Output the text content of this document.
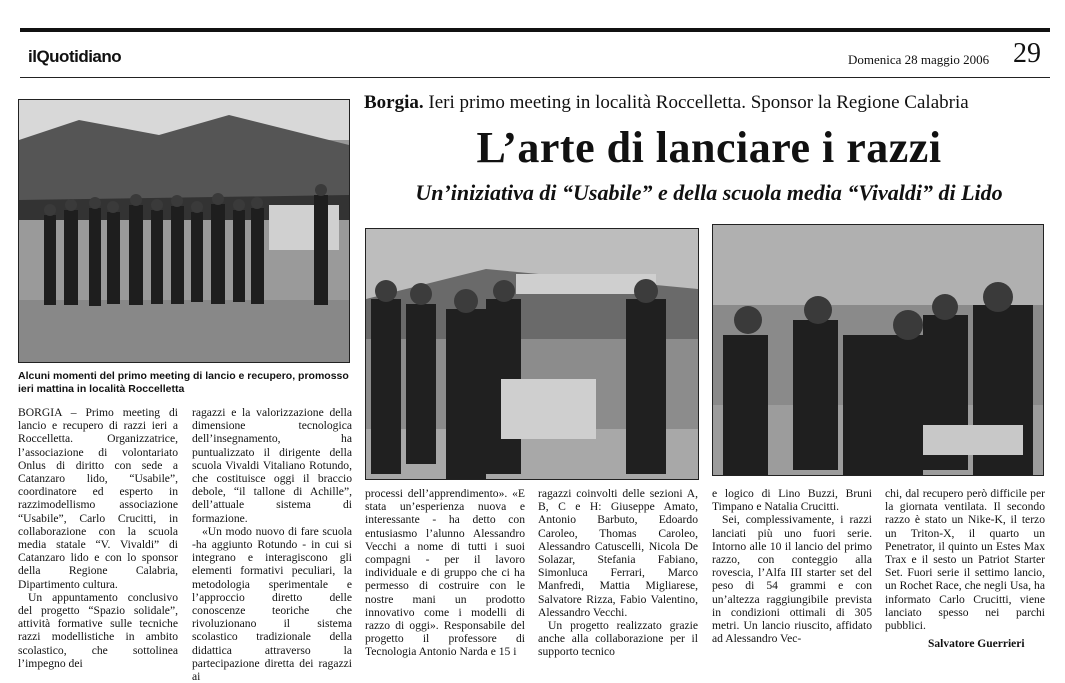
ilQuotidiano	Domenica 28 maggio 2006 29
Borgia. Ieri primo meeting in località Roccelletta. Sponsor la Regione Calabria
L’arte di lanciare i razzi
Un’iniziativa di “Usabile” e della scuola media “Vivaldi” di Lido
Alcuni momenti del primo meeting di lancio e recupero, promosso ieri mattina in località Roccelletta

BORGIA – Primo meeting di lancio e recupero di razzi ieri a Roccelletta. Organizzatrice, l’associazione di volontariato Onlus di diritto con sede a Catanzaro lido, “Usabile”, coordinatore ed esperto in razzimodellismo associazione “Usabile”, Carlo Crucitti, in collaborazione con la scuola media statale “V. Vivaldi” di Catanzaro lido e con lo sponsor della Regione Calabria, Dipartimento cultura.

Un appuntamento conclusivo del progetto “Spazio solidale”, attività formative sulle tecniche razzi modellistiche in ambito scolastico, che sottolinea l’impegno dei

ragazzi e la valorizzazione della dimensione tecnologica dell’insegnamento, ha puntualizzato il dirigente della scuola Vivaldi Vitaliano Rotundo, che costituisce oggi il braccio debole, “il tallone di Achille”, dell’attuale sistema di formazione.

«Un modo nuovo di fare scuola -ha aggiunto Rotundo - in cui si integrano e interagiscono gli elementi formativi peculiari, la metodologia sperimentale e l’approccio diretto delle conoscenze teoriche che rivoluzionano il sistema scolastico tradizionale della didattica attraverso la partecipazione diretta dei ragazzi ai

processi dell’apprendimento». «E stata un’esperienza nuova e interessante - ha detto con entusiasmo l’alunno Alessandro Vecchi a nome di tutti i suoi compagni - per il lavoro individuale e di gruppo che ci ha permesso di costruire con le nostre mani un prodotto innovativo come i modelli di razzo di oggi». Responsabile del progetto il professore di Tecnologia Antonio Narda e 15 i

ragazzi coinvolti delle sezioni A, B, C e H: Giuseppe Amato, Antonio Barbuto, Edoardo Caroleo, Thomas Caroleo, Alessandro Catuscelli, Nicola De Solazar, Stefania Fabiano, Simonluca Ferrari, Marco Manfredi, Mattia Migliarese, Salvatore Rizza, Fabio Valentino, Alessandro Vecchi.

Un progetto realizzato grazie anche alla collaborazione per il supporto tecnico

e logico di Lino Buzzi, Bruni Timpano e Natalia Crucitti.

Sei, complessivamente, i razzi lanciati più uno fuori serie. Intorno alle 10 il lancio del primo razzo, con conteggio alla rovescia, l’Alfa III starter set del peso di 54 grammi e con un’altezza raggiungibile prevista in condizioni ottimali di 305 metri. Un lancio riuscito, affidato ad Alessandro Vec-

chi, dal recupero però difficile per la giornata ventilata. Il secondo razzo è stato un Nike-K, il terzo un Triton-X, il quarto un Penetrator, il quinto un Estes Max Trax e il sesto un Patriot Starter Set. Fuori serie il settimo lancio, un Rochet Race, che negli Usa, ha informato Carlo Crucitti, viene lanciato spesso nei parchi pubblici.

Salvatore Guerrieri
